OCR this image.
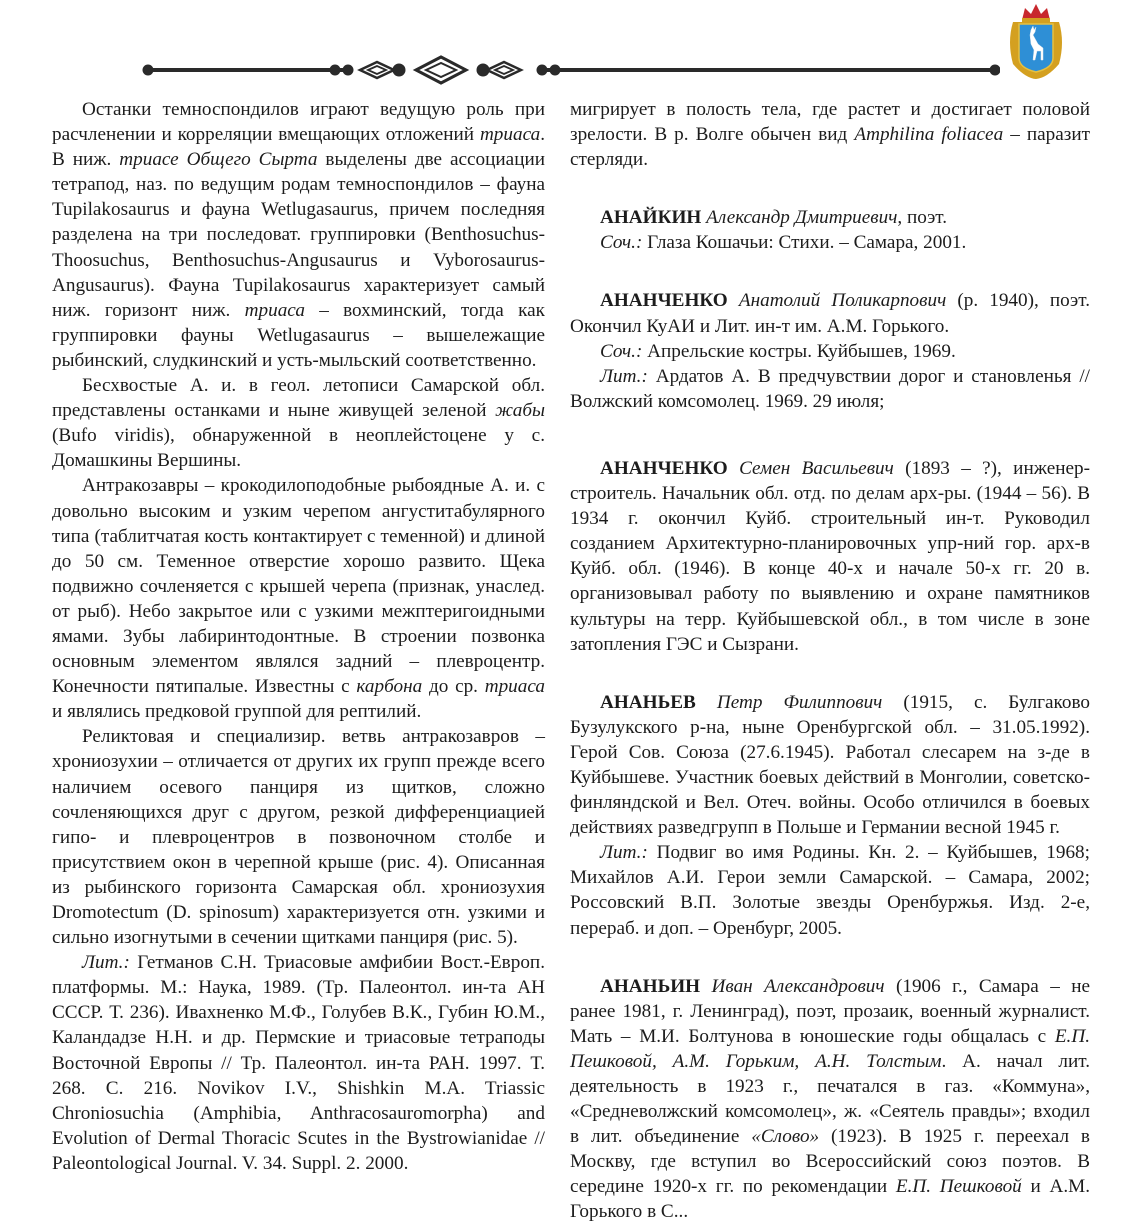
Останки темноспондилов играют ведущую роль при расчленении и корреляции вмещающих отложений триаса. В ниж. триасе Общего Сырта выделены две ассоциации тетрапод, наз. по ведущим родам темноспондилов – фауна Tupilakosaurus и фауна Wetlugasaurus, причем последняя разделена на три последоват. группировки (Benthosuchus-Thoosuchus, Benthosuchus-Angusaurus и Vyborosaurus-Angusaurus). Фауна Tupilakosaurus характеризует самый ниж. горизонт ниж. триаса – вохминский, тогда как группировки фауны Wetlugasaurus – вышележащие рыбинский, слудкинский и усть-мыльский соответственно.

Бесхвостые А. и. в геол. летописи Самарской обл. представлены останками и ныне живущей зеленой жабы (Bufo viridis), обнаруженной в неоплейстоцене у с. Домашкины Вершины.

Антракозавры – крокодилоподобные рыбоядные А. и. с довольно высоким и узким черепом ангуститабулярного типа (таблитчатая кость контактирует с теменной) и длиной до 50 см. Теменное отверстие хорошо развито. Щека подвижно сочленяется с крышей черепа (признак, унаслед. от рыб). Небо закрытое или с узкими межптеригоидными ямами. Зубы лабиринтодонтные. В строении позвонка основным элементом являлся задний – плевроцентр. Конечности пятипалые. Известны с карбона до ср. триаса и являлись предковой группой для рептилий.

Реликтовая и специализир. ветвь антракозавров – хрониозухии – отличается от других их групп прежде всего наличием осевого панциря из щитков, сложно сочленяющихся друг с другом, резкой дифференциацией гипо- и плевроцентров в позвоночном столбе и присутствием окон в черепной крыше (рис. 4). Описанная из рыбинского горизонта Самарская обл. хрониозухия Dromotectum (D. spinosum) характеризуется отн. узкими и сильно изогнутыми в сечении щитками панциря (рис. 5).

Лит.: Гетманов С.Н. Триасовые амфибии Вост.-Европ. платформы. М.: Наука, 1989. (Тр. Палеонтол. ин-та АН СССР. Т. 236). Ивахненко М.Ф., Голубев В.К., Губин Ю.М., Каландадзе Н.Н. и др. Пермские и триасовые тетраподы Восточной Европы // Тр. Палеонтол. ин-та РАН. 1997. Т. 268. С. 216. Novikov I.V., Shishkin M.A. Triassic Chroniosuchia (Amphibia, Anthracosauromorpha) and Evolution of Dermal Thoracic Scutes in the Bystrowianidae // Paleontological Journal. V. 34. Suppl. 2. 2000.

мигрирует в полость тела, где растет и достигает половой зрелости. В р. Волге обычен вид Amphilina foliacea – паразит стерляди.

АНАЙКИН Александр Дмитриевич, поэт.

Соч.: Глаза Кошачьи: Стихи. – Самара, 2001.

АНАНЧЕНКО Анатолий Поликарпович (р. 1940), поэт. Окончил КуАИ и Лит. ин-т им. А.М. Горького.

Соч.: Апрельские костры. Куйбышев, 1969.

Лит.: Ардатов А. В предчувствии дорог и становленья // Волжский комсомолец. 1969. 29 июля;

АНАНЧЕНКО Семен Васильевич (1893 – ?), инженер-строитель. Начальник обл. отд. по делам арх-ры. (1944 – 56). В 1934 г. окончил Куйб. строительный ин-т. Руководил созданием Архитектурно-планировочных упр-ний гор. арх-в Куйб. обл. (1946). В конце 40-х и начале 50-х гг. 20 в. организовывал работу по выявлению и охране памятников культуры на терр. Куйбышевской обл., в том числе в зоне затопления ГЭС и Сызрани.

АНАНЬЕВ Петр Филиппович (1915, с. Булгаково Бузулукского р-на, ныне Оренбургской обл. – 31.05.1992). Герой Сов. Союза (27.6.1945). Работал слесарем на з-де в Куйбышеве. Участник боевых действий в Монголии, советско-финляндской и Вел. Отеч. войны. Особо отличился в боевых действиях разведгрупп в Польше и Германии весной 1945 г.

Лит.: Подвиг во имя Родины. Кн. 2. – Куйбышев, 1968; Михайлов А.И. Герои земли Самарской. – Самара, 2002; Россовский В.П. Золотые звезды Оренбуржья. Изд. 2-е, перераб. и доп. – Оренбург, 2005.

АНАНЬИН Иван Александрович (1906 г., Самара – не ранее 1981, г. Ленинград), поэт, прозаик, военный журналист. Мать – М.И. Болтунова в юношеские годы общалась с Е.П. Пешковой, А.М. Горьким, А.Н. Толстым. А. начал лит. деятельность в 1923 г., печатался в газ. «Коммуна», «Средневолжский комсомолец», ж. «Сеятель правды»; входил в лит. объединение «Слово» (1923). В 1925 г. переехал в Москву, где вступил во Всероссийский союз поэтов. В середине 1920-х гг. по рекомендации Е.П. Пешковой и А.М. Горького в С...
